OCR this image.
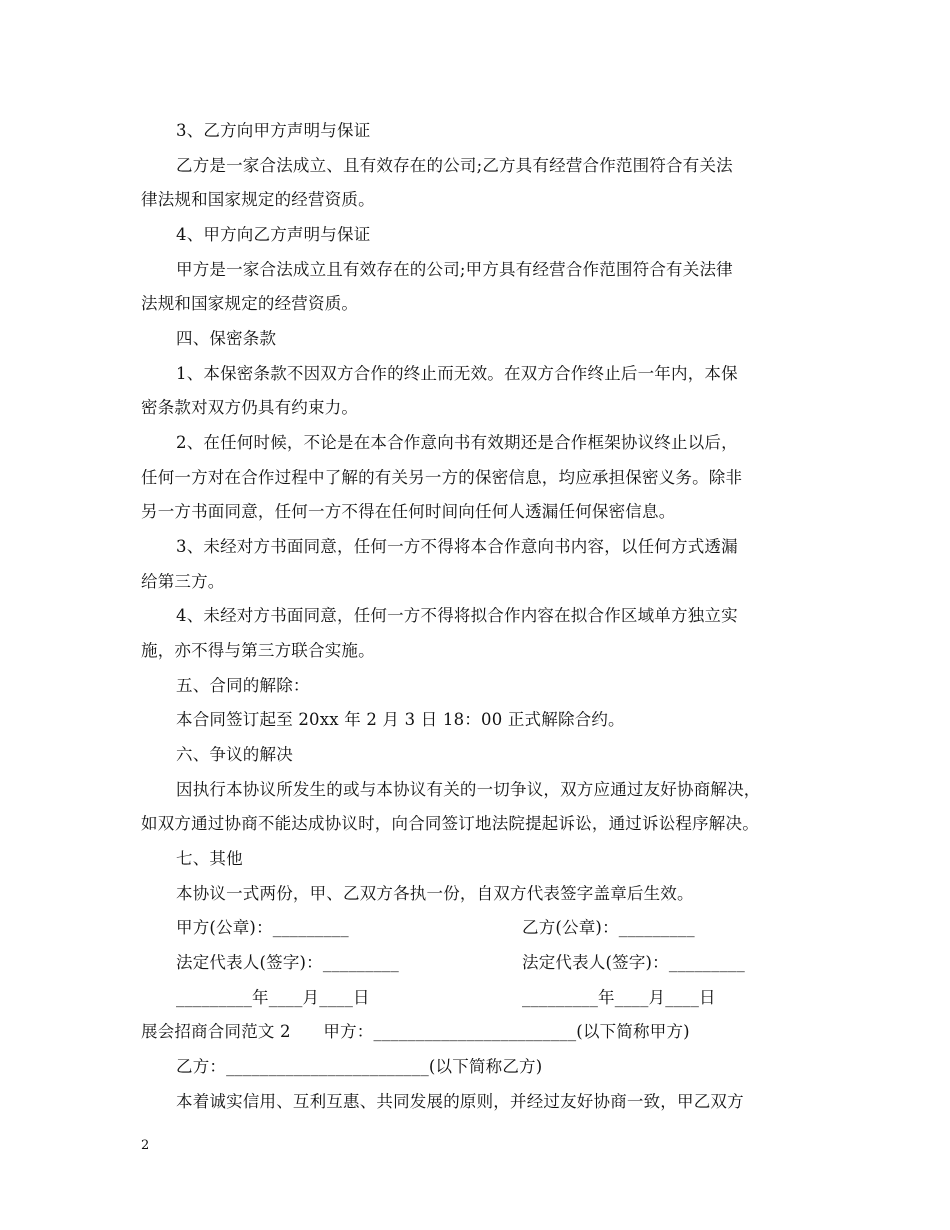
3、乙方向甲方声明与保证
乙方是一家合法成立、且有效存在的公司;乙方具有经营合作范围符合有关法
律法规和国家规定的经营资质。
4、甲方向乙方声明与保证
甲方是一家合法成立且有效存在的公司;甲方具有经营合作范围符合有关法律
法规和国家规定的经营资质。
四、保密条款
1、本保密条款不因双方合作的终止而无效。在双方合作终止后一年内，本保
密条款对双方仍具有约束力。
2、在任何时候，不论是在本合作意向书有效期还是合作框架协议终止以后，
任何一方对在合作过程中了解的有关另一方的保密信息，均应承担保密义务。除非
另一方书面同意，任何一方不得在任何时间向任何人透漏任何保密信息。
3、未经对方书面同意，任何一方不得将本合作意向书内容，以任何方式透漏
给第三方。
4、未经对方书面同意，任何一方不得将拟合作内容在拟合作区域单方独立实
施，亦不得与第三方联合实施。
五、合同的解除：
本合同签订起至 20xx 年 2 月 3 日 18：00 正式解除合约。
六、争议的解决
因执行本协议所发生的或与本协议有关的一切争议，双方应通过友好协商解决，
如双方通过协商不能达成协议时，向合同签订地法院提起诉讼，通过诉讼程序解决。
七、其他
本协议一式两份，甲、乙双方各执一份，自双方代表签字盖章后生效。
甲方(公章)：_________	乙方(公章)：_________
法定代表人(签字)：_________	法定代表人(签字)：_________
_________年____月____日	_________年____月____日
展会招商合同范文 2      甲方：________________________(以下简称甲方)
乙方：________________________(以下简称乙方)
本着诚实信用、互利互惠、共同发展的原则，并经过友好协商一致，甲乙双方
2
